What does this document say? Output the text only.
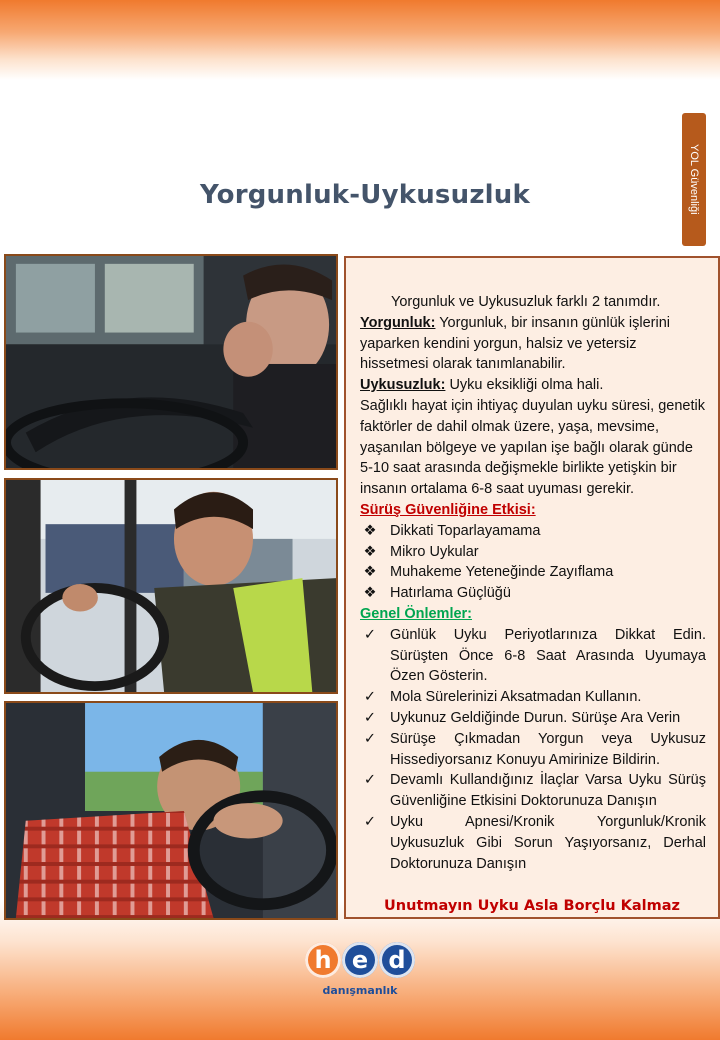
YOL Güvenliği
Yorgunluk-Uykusuzluk
Yorgunluk ve Uykusuzluk farklı 2 tanımdır.
Yorgunluk: Yorgunluk, bir insanın günlük işlerini yaparken kendini yorgun, halsiz ve yetersiz hissetmesi olarak tanımlanabilir.
Uykusuzluk: Uyku eksikliği olma hali.
Sağlıklı hayat için ihtiyaç duyulan uyku süresi, genetik faktörler de dahil olmak üzere, yaşa, mevsime, yaşanılan bölgeye ve yapılan işe bağlı olarak günde 5-10 saat arasında değişmekle birlikte yetişkin bir insanın ortalama 6-8 saat uyuması gerekir.
Sürüş Güvenliğine Etkisi:
❖ Dikkati Toparlayamama
❖ Mikro Uykular
❖ Muhakeme Yeteneğinde Zayıflama
❖ Hatırlama Güçlüğü
Genel Önlemler:
✓ Günlük Uyku Periyotlarınıza Dikkat Edin. Sürüşten Önce 6-8 Saat Arasında Uyumaya Özen Gösterin.
✓ Mola Sürelerinizi Aksatmadan Kullanın.
✓ Uykunuz Geldiğinde Durun. Sürüşe Ara Verin
✓ Sürüşe Çıkmadan Yorgun veya Uykusuz Hissediyorsanız Konuyu Amirinize Bildirin.
✓ Devamlı Kullandığınız İlaçlar Varsa Uyku Sürüş Güvenliğine Etkisini Doktorunuza Danışın
✓ Uyku Apnesi/Kronik Yorgunluk/Kronik Uykusuzluk Gibi Sorun Yaşıyorsanız, Derhal Doktorunuza Danışın
Unutmayın Uyku Asla Borçlu Kalmaz
h e d
danışmanlık
